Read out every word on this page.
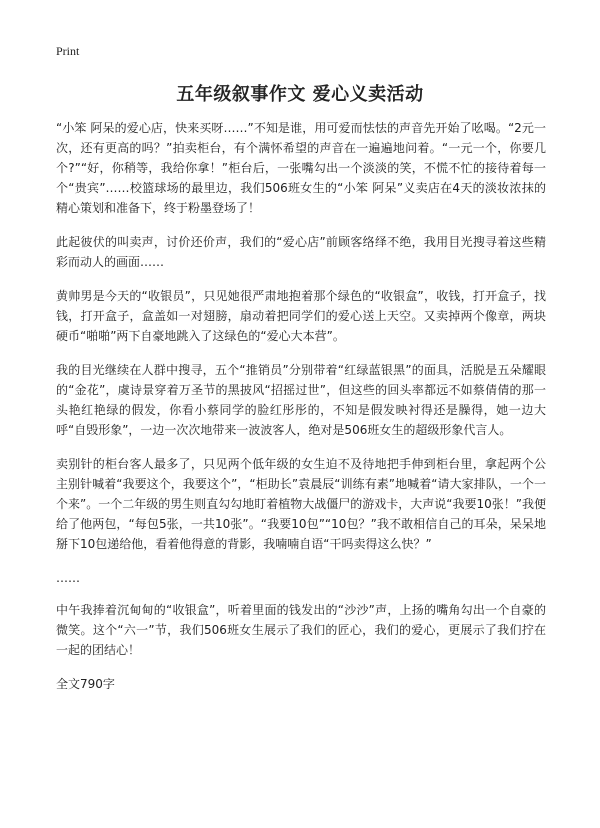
Print
五年级叙事作文 爱心义卖活动

“小笨 阿呆的爱心店，快来买呀……”不知是谁，用可爱而怯怯的声音先开始了吆喝。“2元一次，还有更高的吗？”拍卖柜台，有个满怀希望的声音在一遍遍地问着。“一元一个，你要几个?”“好，你稍等，我给你拿！”柜台后，一张嘴勾出一个淡淡的笑，不慌不忙的接待着每一个“贵宾”……校篮球场的最里边，我们506班女生的“小笨 阿呆”义卖店在4天的淡妆浓抹的精心策划和准备下，终于粉墨登场了！

此起彼伏的叫卖声，讨价还价声，我们的“爱心店”前顾客络绎不绝，我用目光搜寻着这些精彩而动人的画面……

黄帅男是今天的“收银员”，只见她很严肃地抱着那个绿色的“收银盒”，收钱，打开盒子，找钱，打开盒子，盒盖如一对翅膀，扇动着把同学们的爱心送上天空。又卖掉两个像章，两块硬币“啪啪”两下自豪地跳入了这绿色的“爱心大本营”。

我的目光继续在人群中搜寻，五个“推销员”分别带着“红绿蓝银黑”的面具，活脱是五朵耀眼的“金花”，虞诗景穿着万圣节的黑披风“招摇过世”，但这些的回头率都远不如蔡倩倩的那一头艳红艳绿的假发，你看小蔡同学的脸红彤彤的，不知是假发映衬得还是臊得，她一边大呼“自毁形象”，一边一次次地带来一波波客人，绝对是506班女生的超级形象代言人。

卖别针的柜台客人最多了，只见两个低年级的女生迫不及待地把手伸到柜台里，拿起两个公主别针喊着“我要这个，我要这个”，“柜助长”袁晨辰“训练有素”地喊着“请大家排队，一个一个来”。一个二年级的男生则直勾勾地盯着植物大战僵尸的游戏卡，大声说“我要10张！”我便给了他两包，“每包5张，一共10张”。“我要10包”“10包？”我不敢相信自己的耳朵，呆呆地掰下10包递给他，看着他得意的背影，我喃喃自语“干吗卖得这么快？”

……

中午我捧着沉甸甸的“收银盒”，听着里面的钱发出的“沙沙”声，上扬的嘴角勾出一个自豪的微笑。这个“六一”节，我们506班女生展示了我们的匠心，我们的爱心，更展示了我们拧在一起的团结心！

全文790字
